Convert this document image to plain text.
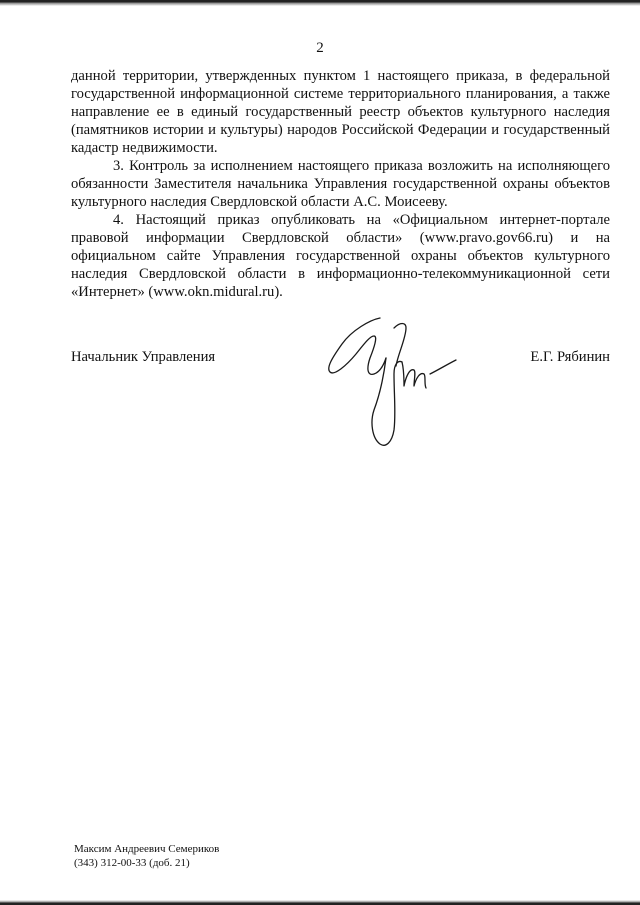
2

данной территории, утвержденных пунктом 1 настоящего приказа, в федеральной государственной информационной системе территориального планирования, а также направление ее в единый государственный реестр объектов культурного наследия (памятников истории и культуры) народов Российской Федерации и государственный кадастр недвижимости.

3. Контроль за исполнением настоящего приказа возложить на исполняющего обязанности Заместителя начальника Управления государственной охраны объектов культурного наследия Свердловской области А.С. Моисееву.

4. Настоящий приказ опубликовать на «Официальном интернет-портале правовой информации Свердловской области» (www.pravo.gov66.ru) и на официальном сайте Управления государственной охраны объектов культурного наследия Свердловской области в информационно-телекоммуникационной сети «Интернет» (www.okn.midural.ru).

Начальник Управления	Е.Г. Рябинин
Максим Андреевич Семериков
(343) 312-00-33 (доб. 21)
